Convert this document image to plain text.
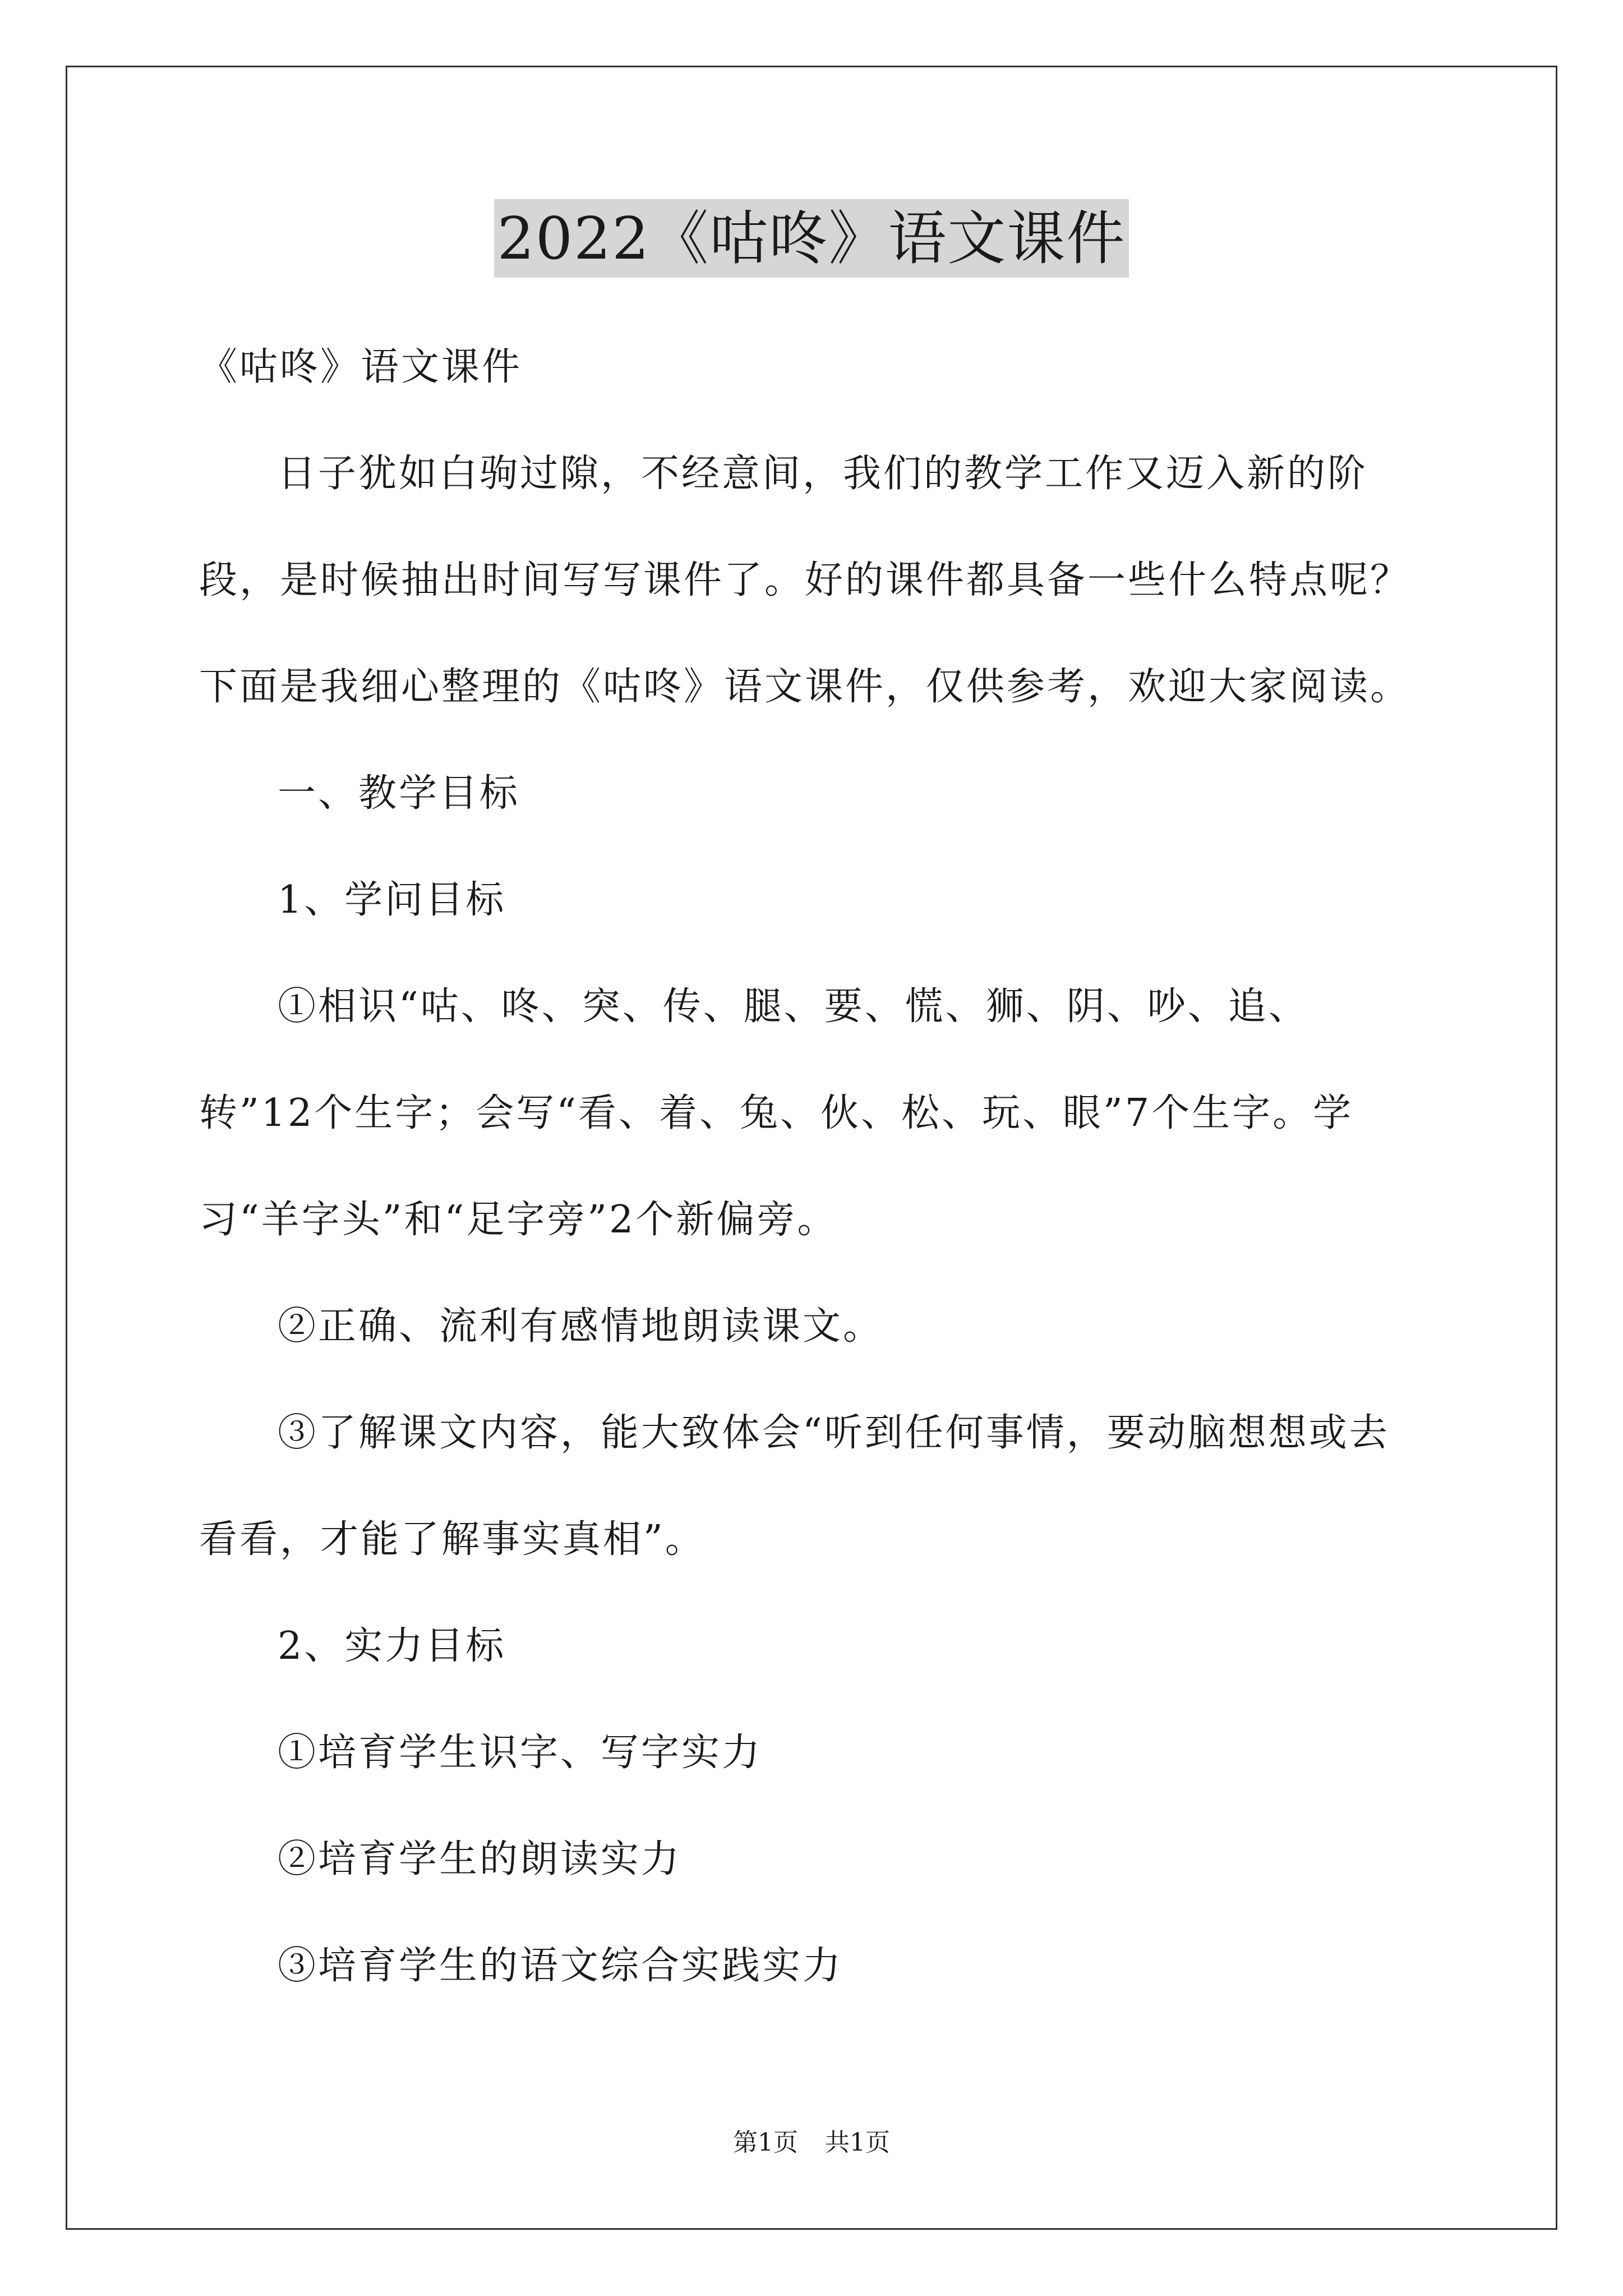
2022《咕咚》语文课件

《咕咚》语文课件

日子犹如白驹过隙，不经意间，我们的教学工作又迈入新的阶段，是时候抽出时间写写课件了。好的课件都具备一些什么特点呢？下面是我细心整理的《咕咚》语文课件，仅供参考，欢迎大家阅读。

一、教学目标

1、学问目标

①相识“咕、咚、突、传、腿、要、慌、狮、阴、吵、追、转”12个生字；会写“看、着、兔、伙、松、玩、眼”7个生字。学习“羊字头”和“足字旁”2个新偏旁。

②正确、流利有感情地朗读课文。

③了解课文内容，能大致体会“听到任何事情，要动脑想想或去看看，才能了解事实真相”。

2、实力目标

①培育学生识字、写字实力

②培育学生的朗读实力

③培育学生的语文综合实践实力

第1页 共1页
